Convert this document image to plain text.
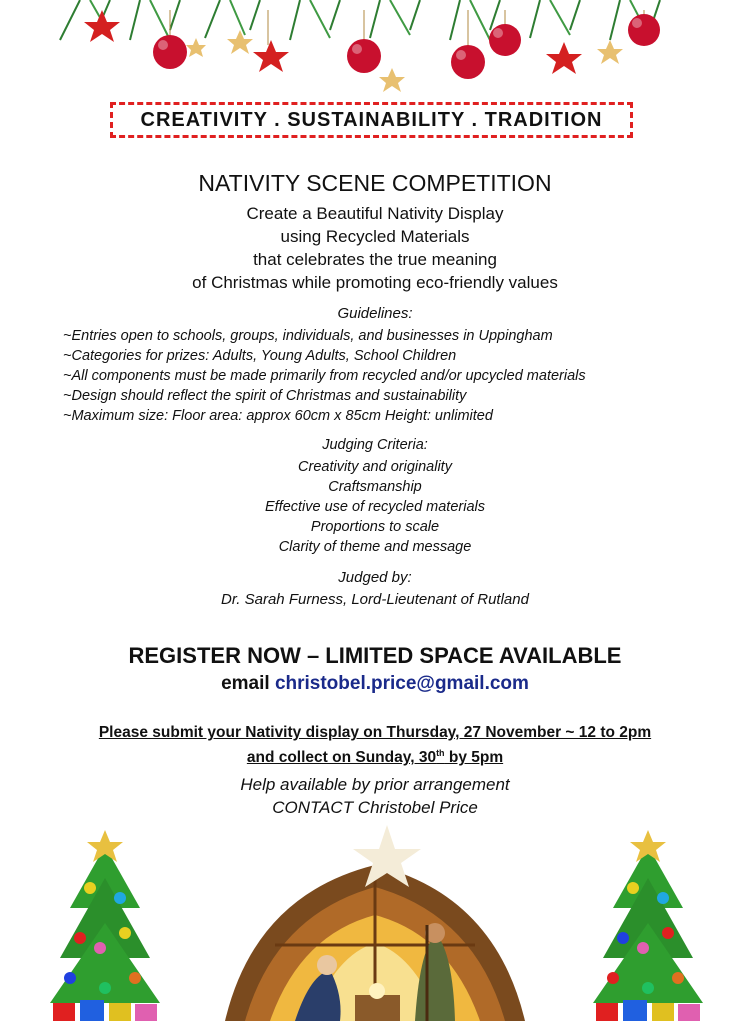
CREATIVITY . SUSTAINABILITY . TRADITION
NATIVITY SCENE COMPETITION
Create a Beautiful Nativity Display
using Recycled Materials
that celebrates the true meaning
of Christmas while promoting eco-friendly values
Guidelines:
~Entries open to schools, groups, individuals, and businesses in Uppingham
~Categories for prizes: Adults, Young Adults, School Children
~All components must be made primarily from recycled and/or upcycled materials
~Design should reflect the spirit of Christmas and sustainability
~Maximum size: Floor area: approx 60cm x 85cm Height: unlimited
Judging Criteria:
Creativity and originality
Craftsmanship
Effective use of recycled materials
Proportions to scale
Clarity of theme and message
Judged by:
Dr. Sarah Furness, Lord-Lieutenant of Rutland
REGISTER NOW – LIMITED SPACE AVAILABLE
email christobel.price@gmail.com
Please submit your Nativity display on Thursday, 27 November ~ 12 to 2pm
and collect on Sunday, 30th by 5pm
Help available by prior arrangement
CONTACT Christobel Price
